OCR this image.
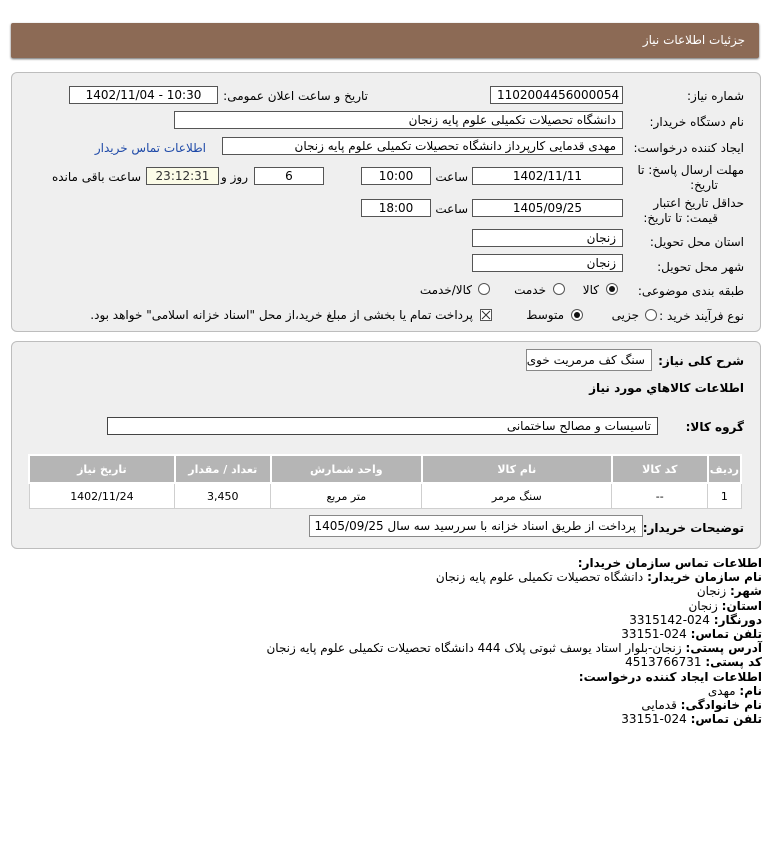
جزئیات اطلاعات نیاز
شماره نیاز:
1102004456000054
تاریخ و ساعت اعلان عمومی:
1402/11/04 - 10:30
نام دستگاه خریدار:
دانشگاه تحصیلات تکمیلی علوم پایه زنجان
ایجاد کننده درخواست:
مهدی قدمایی کارپرداز دانشگاه تحصیلات تکمیلی علوم پایه زنجان
اطلاعات تماس خریدار
مهلت ارسال پاسخ: تا
تاریخ:
1402/11/11
ساعت
10:00
6
روز و
23:12:31
ساعت باقی مانده
حداقل تاریخ اعتبار
قیمت: تا تاریخ:
1405/09/25
ساعت
18:00
استان محل تحویل:
زنجان
شهر محل تحویل:
زنجان
طبقه بندی موضوعی:
کالا
خدمت
کالا/خدمت
نوع فرآیند خرید :
جزیی
متوسط
پرداخت تمام یا بخشی از مبلغ خرید،از محل "اسناد خزانه اسلامی" خواهد بود.
شرح کلی نیاز:
سنگ کف مرمریت خوی
اطلاعات کالاهاي مورد نياز
گروه کالا:
تاسیسات و مصالح ساختمانی
ردیف	کد کالا	نام کالا	واحد شمارش	تعداد / مقدار	تاریخ نیاز
1	--	سنگ مرمر	متر مربع	3,450	1402/11/24
توضیحات خریدار:
پرداخت از طریق اسناد خزانه با سررسید سه سال 1405/09/25
اطلاعات تماس سازمان خریدار:
نام سازمان خریدار: دانشگاه تحصیلات تکمیلی علوم پایه زنجان
شهر: زنجان
استان: زنجان
دورنگار: 024-3315142
تلفن تماس: 024-33151
آدرس پستی: زنجان-بلوار استاد یوسف ثبوتی پلاک 444 دانشگاه تحصیلات تکمیلی علوم پایه زنجان
کد پستی: 4513766731
اطلاعات ایجاد کننده درخواست:
نام: مهدی
نام خانوادگی: قدمایی
تلفن تماس: 024-33151
